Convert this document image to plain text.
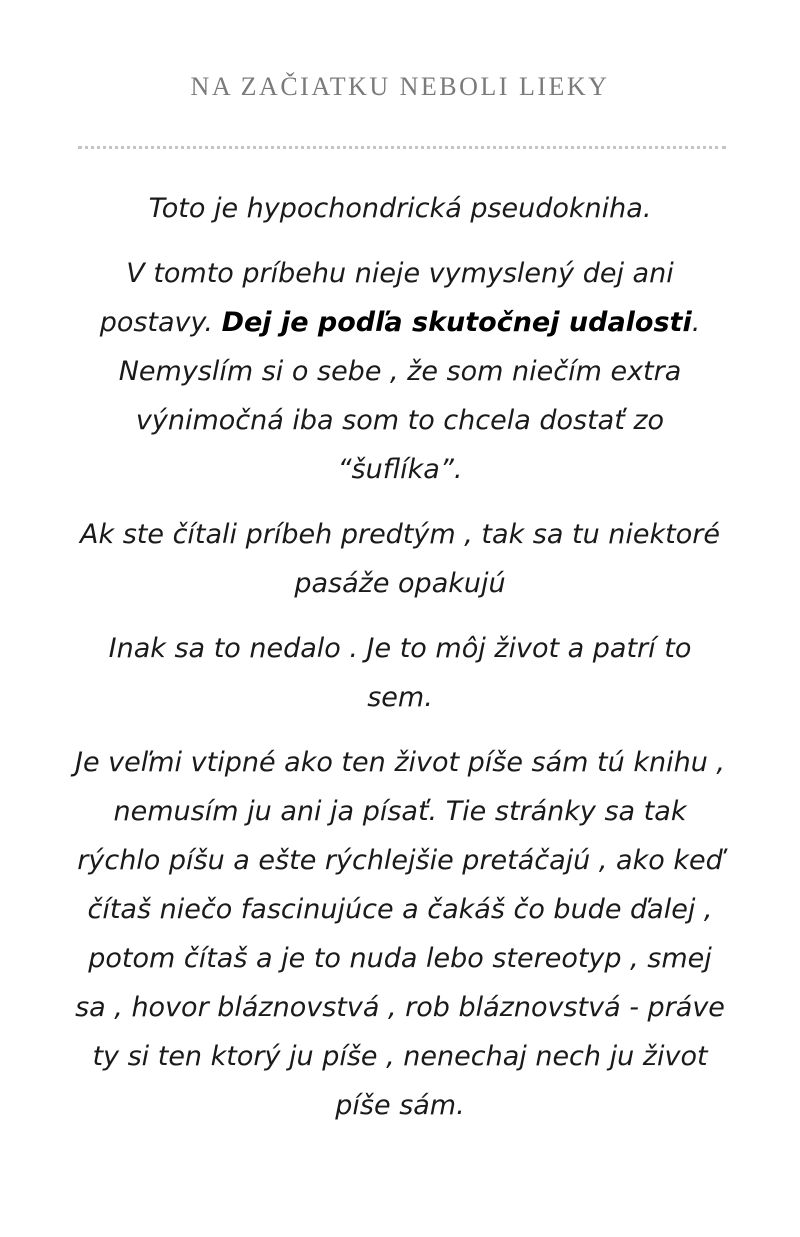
NA ZAČIATKU NEBOLI LIEKY

Toto je hypochondrická pseudokniha.

V tomto príbehu nieje vymyslený dej ani postavy. Dej je podľa skutočnej udalosti. Nemyslím si o sebe , že som niečím extra výnimočná iba som to chcela dostať zo “šuflíka”.

Ak ste čítali príbeh predtým , tak sa tu niektoré pasáže opakujú

Inak sa to nedalo . Je to môj život a patrí to sem.

Je veľmi vtipné ako ten život píše sám tú knihu , nemusím ju ani ja písať. Tie stránky sa tak rýchlo píšu a ešte rýchlejšie pretáčajú , ako keď čítaš niečo fascinujúce a čakáš čo bude ďalej , potom čítaš a je to nuda lebo stereotyp , smej sa , hovor bláznovstvá , rob bláznovstvá - práve ty si ten ktorý ju píše , nenechaj nech ju život píše sám.
